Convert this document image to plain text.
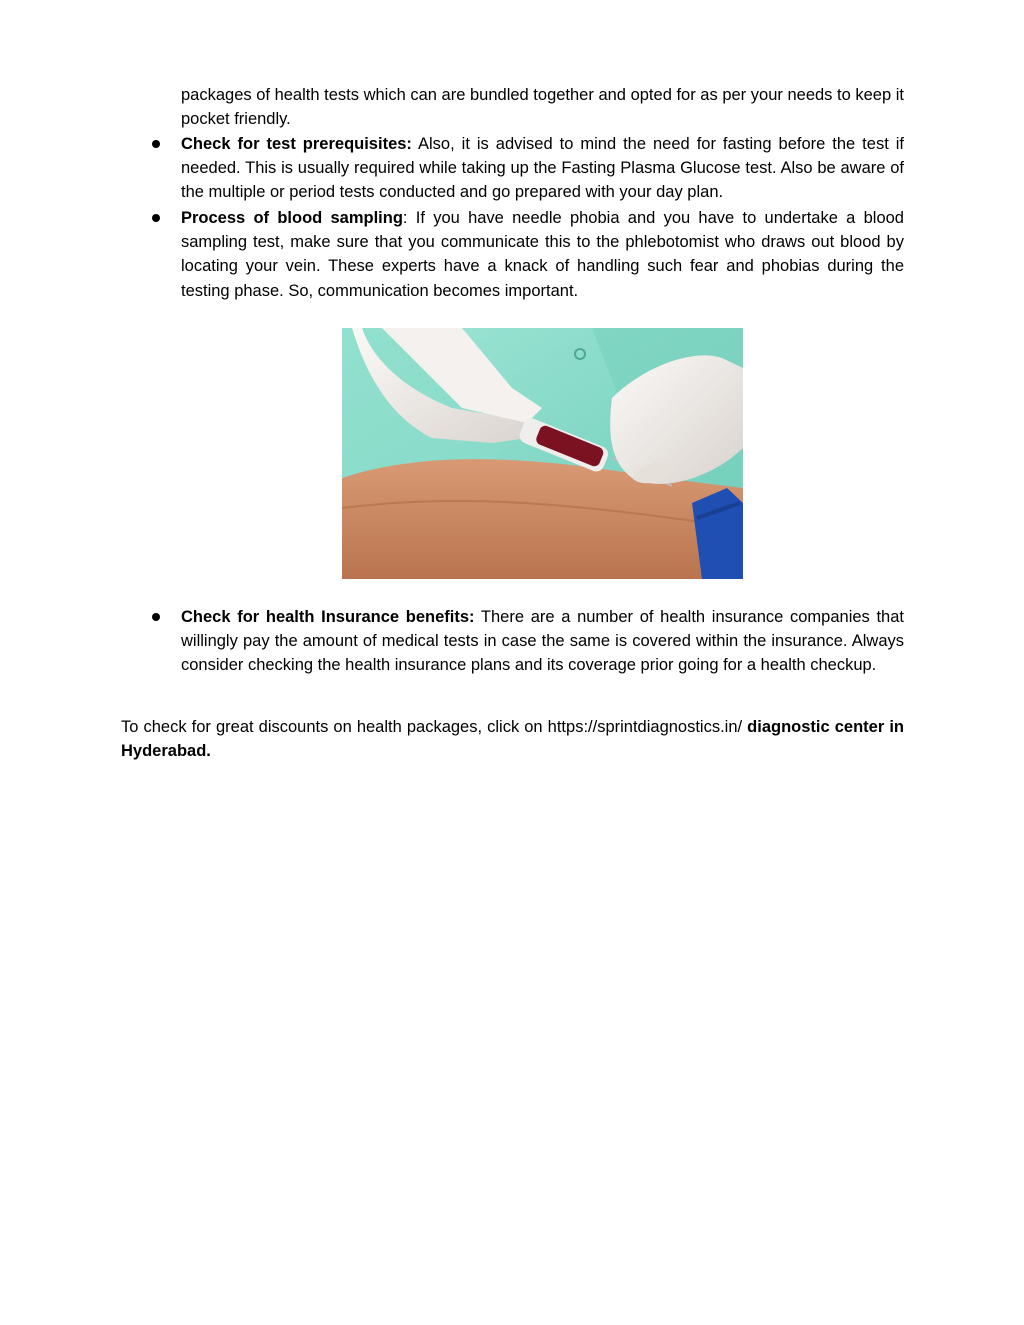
packages of health tests which can are bundled together and opted for as per your needs to keep it pocket friendly.

Check for test prerequisites: Also, it is advised to mind the need for fasting before the test if needed. This is usually required while taking up the Fasting Plasma Glucose test. Also be aware of the multiple or period tests conducted and go prepared with your day plan.

Process of blood sampling: If you have needle phobia and you have to undertake a blood sampling test, make sure that you communicate this to the phlebotomist who draws out blood by locating your vein. These experts have a knack of handling such fear and phobias during the testing phase. So, communication becomes important.

Check for health Insurance benefits: There are a number of health insurance companies that willingly pay the amount of medical tests in case the same is covered within the insurance. Always consider checking the health insurance plans and its coverage prior going for a health checkup.

To check for great discounts on health packages, click on https://sprintdiagnostics.in/ diagnostic center in Hyderabad.
